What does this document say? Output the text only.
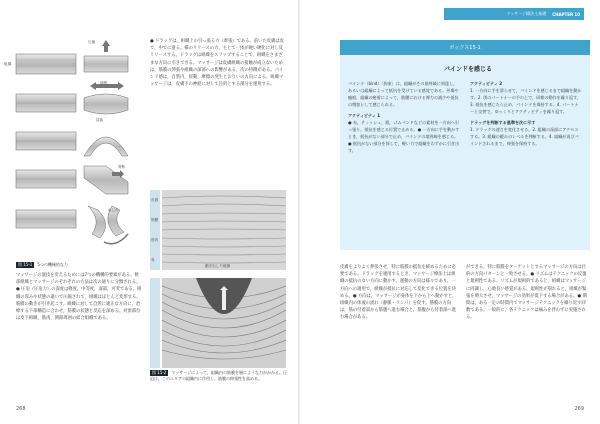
圧縮
伸張
屈曲
剪断
ねじれ
組織
図 15-1 5つの機械的な力
マッサージの演技を変えるためには7つの機構的要素がある。軟部組織とマッサージのそれぞれの方法は次の通りに分類される。● 圧迫（圧迫力）の深度は軽度，中等度，深部，可変である。組織の厚みや状態の違いで圧縮されて，組織はほとんど変形する。筋膜の動きが引き起こす。組織に対して自然に適正な方向に，治療する下部構造に合わせ，筋膜の状態と反応を深める。対象部位は皮下組織，筋肉，関節周囲の結合組織である。
● ドラッグは，組織上の引っ張る力（牽張）である。前いた皮膚は皮で，中でに滑る。様のリリースの力。主とて一体が硬い硬化に対し反リリースする。ドラッグは組織をスリップすることで，組織をさまざまな方向に引きできる。マッサージは皮膚組織の接触が成立ないためは，筋膜の伸張や組織の深部への影響がある。次の特徴がある。パインド感は，自然内，揺動，摩擦の発生とお互いの方向による。組織マッサージは，皮膚下の神経に対して目的とする部分を運用する。
動き出した組織
皮膚
筋膜
筋肉
骨
図 15-2 マッサージによって，組織内の筋膜を層にような力がかかる。圧迫は，このエリアの組織内に作用し，筋膜の伸張性を高める。
268
マッサージ療法士基礎 CHAPTER 10
ボックス15-1
バインドを感じる
バインド（bind）〔拘束〕は，組織がその最終域に到達し，あるいは組織によって抵抗を受けている感覚である。外傷や瘢痕，組織の癒着によって，筋膜における弾力の減少や抵抗の増加として感じられる。
アクティビティ 1
● 布，ティッシュ，紙，ゴムバンドなどの素材を一方向へ引っ張り，抵抗を感じる位置で止める。● 一方向に手を動かすとき，抵抗がない部分で止め，バインドの境界線を感じる。● 抵抗がない部分を探して，軽い力で組織をわずかに引き出す。
アクティビティ 2
1. 一方向に手を滑らせて，バインドを感じるまで組織を動かす。2. 別のパートナーの手の上で，同様の動作を繰り返す。3. 抵抗を感じたら止め，パインドを保持する。4. パートナーと交替で，ゆっくりとアクティビティを繰り返す。
ドラッグを判断する基準を次に示す
1. ドラッグの速さを変化させる。2. 組織の深部にアクセスする。3. 組織の緩みのレベルを判断する。4. 組織が再びバインドされるまで，伸張を保持する。
皮膚をよりよく伸張させ，特に筋膜の抵抗を緩めるために必要である。ドラッグを適用するとき，マッサージ療法士は組織の抵抗のない方向に動かす。運動の方向は様々であり，一方向への適用で，組織が抵抗に対応して変化できる位置を決める。● 方向は，マッサージが身体を下から上へ動かすと，組織内の体液の流れ（静脈・リンパ）を促す。筋膜の方向は，筋の付着部から筋腹へ進む場合と，筋腹から付着部へ進む場合がある。
ができる。特に筋膜をターゲットとするマッサージの方向は目的の方向パターンと一致させる。● リズムはテクニックの反復と規則性である。リズムが規則的であると，組織はマッサージに同調し，心地良い感覚がある。規則性が崩れると，組織が緊張を増大させ，マッサージの効果が低下する場合がある。● 期間は，ある一定の時間内でマッサージテクニックを繰り返す回数である。一般的に，各テクニックは痛みを伴わずに実施される。
269
